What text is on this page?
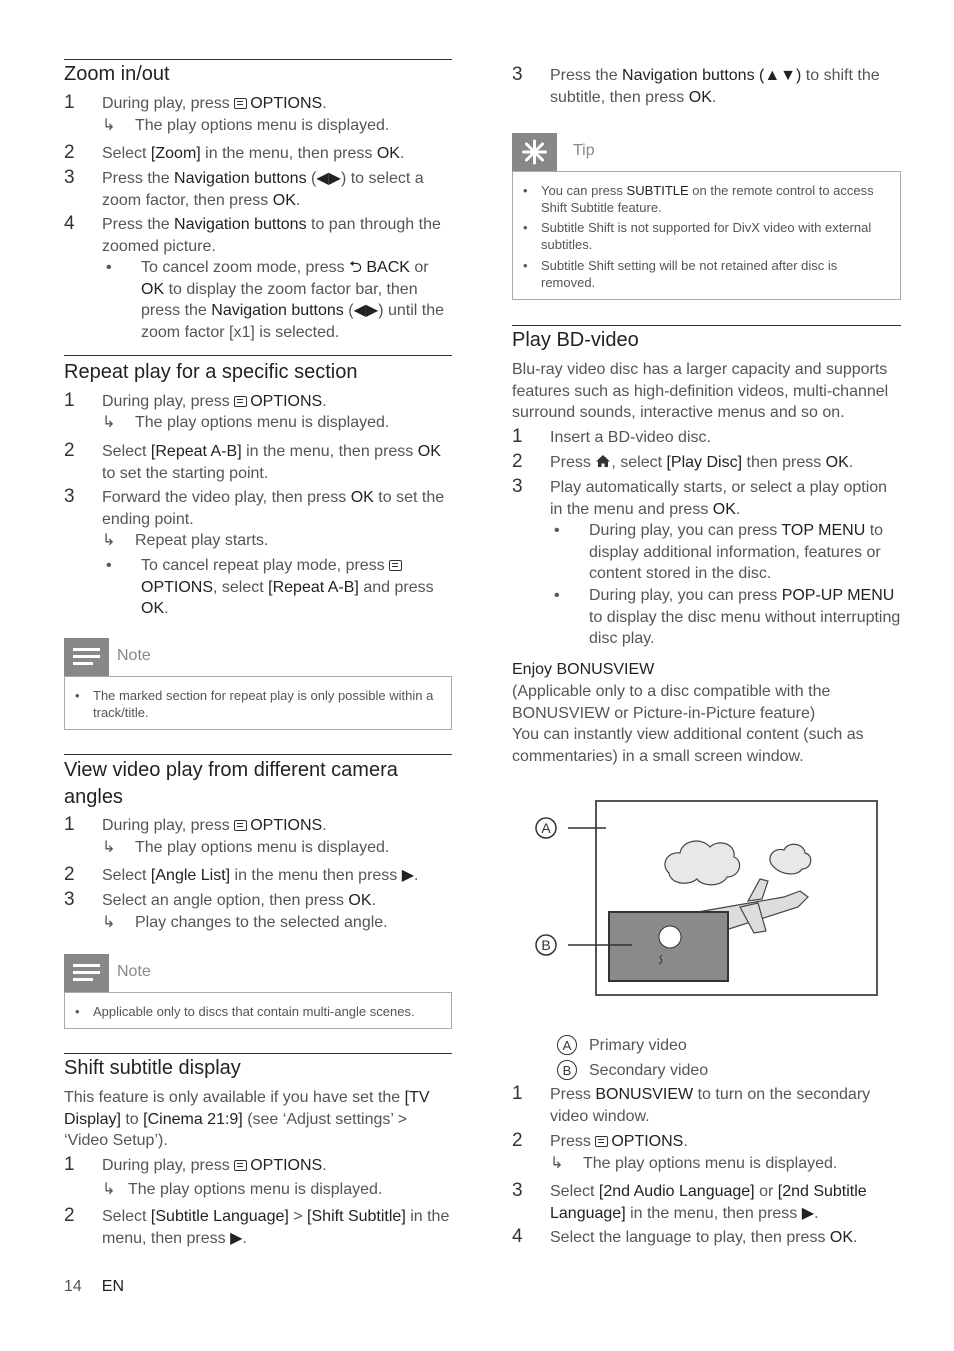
Zoom in/out
1	During play, press OPTIONS.
↳ The play options menu is displayed.
2	Select [Zoom] in the menu, then press OK.
3	Press the Navigation buttons (◀▶) to select a zoom factor, then press OK.
4	Press the Navigation buttons to pan through the zoomed picture.
• To cancel zoom mode, press ⮌ BACK or OK to display the zoom factor bar, then press the Navigation buttons (◀▶) until the zoom factor [x1] is selected.
Repeat play for a specific section
1	During play, press OPTIONS.
↳ The play options menu is displayed.
2	Select [Repeat A-B] in the menu, then press OK to set the starting point.
3	Forward the video play, then press OK to set the ending point.
↳ Repeat play starts.
• To cancel repeat play mode, press OPTIONS, select [Repeat A-B] and press OK.
Note
• The marked section for repeat play is only possible within a track/title.
View video play from different camera angles
1	During play, press OPTIONS.
↳ The play options menu is displayed.
2	Select [Angle List] in the menu then press ▶.
3	Select an angle option, then press OK.
↳ Play changes to the selected angle.
Note
• Applicable only to discs that contain multi-angle scenes.
Shift subtitle display
This feature is only available if you have set the [TV Display] to [Cinema 21:9] (see ‘Adjust settings’ > ‘Video Setup’).
1	During play, press OPTIONS.
↳ The play options menu is displayed.
2	Select [Subtitle Language] > [Shift Subtitle] in the menu, then press ▶.
3	Press the Navigation buttons (▲▼) to shift the subtitle, then press OK.
Tip
• You can press SUBTITLE on the remote control to access Shift Subtitle feature.
• Subtitle Shift is not supported for DivX video with external subtitles.
• Subtitle Shift setting will be not retained after disc is removed.
Play BD-video
Blu-ray video disc has a larger capacity and supports features such as high-definition videos, multi-channel surround sounds, interactive menus and so on.
1	Insert a BD-video disc.
2	Press , select [Play Disc] then press OK.
3	Play automatically starts, or select a play option in the menu and press OK.
• During play, you can press TOP MENU to display additional information, features or content stored in the disc.
• During play, you can press POP-UP MENU to display the disc menu without interrupting disc play.
Enjoy BONUSVIEW
(Applicable only to a disc compatible with the BONUSVIEW or Picture-in-Picture feature)
You can instantly view additional content (such as commentaries) in a small screen window.
A
B
A Primary video
B Secondary video
1	Press BONUSVIEW to turn on the secondary video window.
2	Press OPTIONS.
↳ The play options menu is displayed.
3	Select [2nd Audio Language] or [2nd Subtitle Language] in the menu, then press ▶.
4	Select the language to play, then press OK.
14 EN
